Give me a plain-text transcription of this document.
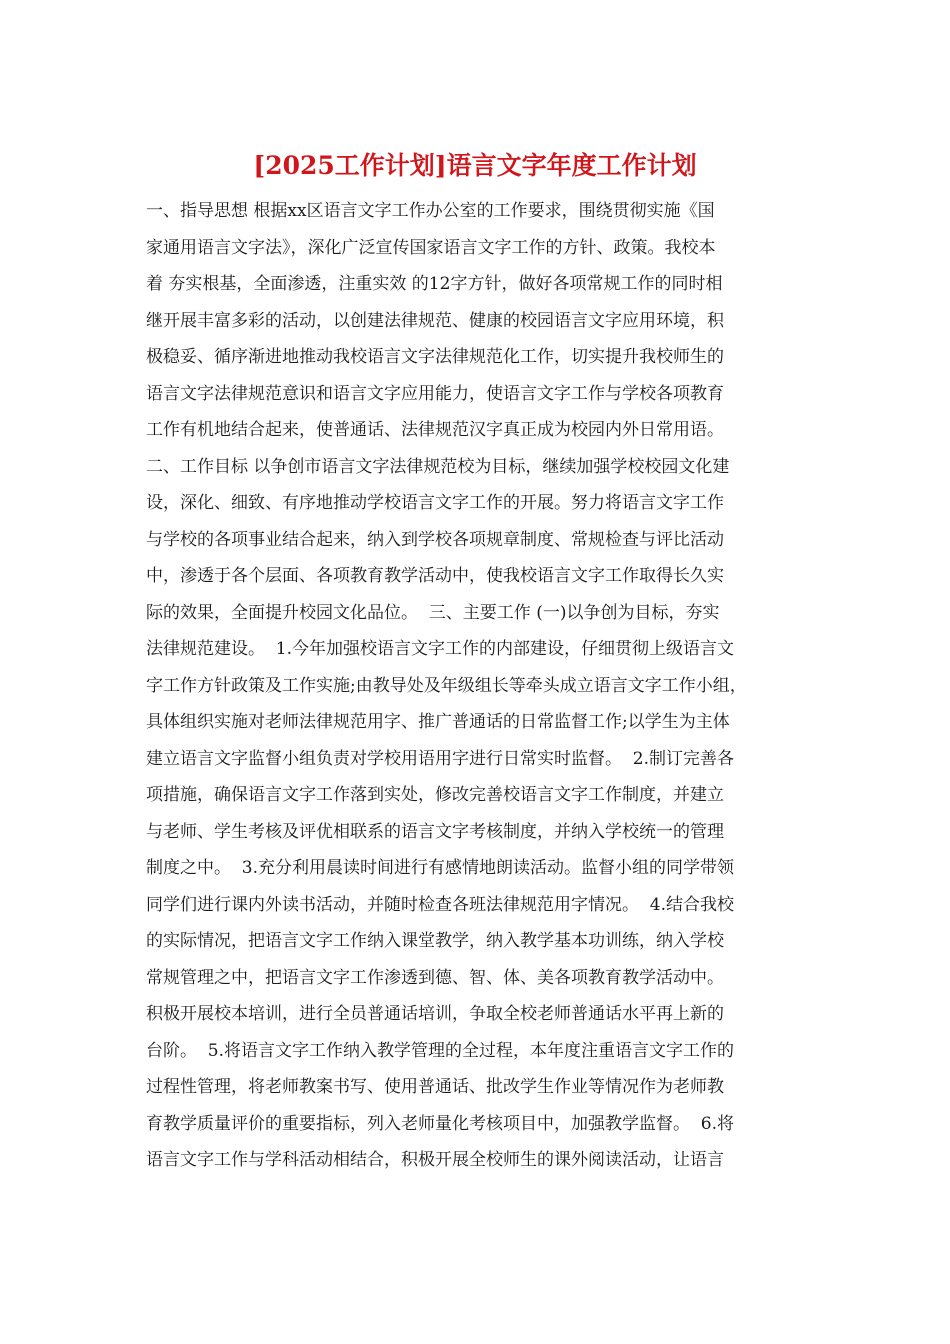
[2025工作计划]语言文字年度工作计划
一、指导思想 根据xx区语言文字工作办公室的工作要求，围绕贯彻实施《国
家通用语言文字法》，深化广泛宣传国家语言文字工作的方针、政策。我校本
着 夯实根基，全面渗透，注重实效 的12字方针，做好各项常规工作的同时相
继开展丰富多彩的活动，以创建法律规范、健康的校园语言文字应用环境，积
极稳妥、循序渐进地推动我校语言文字法律规范化工作，切实提升我校师生的
语言文字法律规范意识和语言文字应用能力，使语言文字工作与学校各项教育
工作有机地结合起来，使普通话、法律规范汉字真正成为校园内外日常用语。
二、工作目标 以争创市语言文字法律规范校为目标，继续加强学校校园文化建
设，深化、细致、有序地推动学校语言文字工作的开展。努力将语言文字工作
与学校的各项事业结合起来，纳入到学校各项规章制度、常规检查与评比活动
中，渗透于各个层面、各项教育教学活动中，使我校语言文字工作取得长久实
际的效果，全面提升校园文化品位。  三、主要工作 (一)以争创为目标，夯实
法律规范建设。  1.今年加强校语言文字工作的内部建设，仔细贯彻上级语言文
字工作方针政策及工作实施;由教导处及年级组长等牵头成立语言文字工作小组，
具体组织实施对老师法律规范用字、推广普通话的日常监督工作;以学生为主体
建立语言文字监督小组负责对学校用语用字进行日常实时监督。  2.制订完善各
项措施，确保语言文字工作落到实处，修改完善校语言文字工作制度，并建立
与老师、学生考核及评优相联系的语言文字考核制度，并纳入学校统一的管理
制度之中。  3.充分利用晨读时间进行有感情地朗读活动。监督小组的同学带领
同学们进行课内外读书活动，并随时检查各班法律规范用字情况。  4.结合我校
的实际情况，把语言文字工作纳入课堂教学，纳入教学基本功训练，纳入学校
常规管理之中，把语言文字工作渗透到德、智、体、美各项教育教学活动中。
积极开展校本培训，进行全员普通话培训，争取全校老师普通话水平再上新的
台阶。  5.将语言文字工作纳入教学管理的全过程，本年度注重语言文字工作的
过程性管理，将老师教案书写、使用普通话、批改学生作业等情况作为老师教
育教学质量评价的重要指标，列入老师量化考核项目中，加强教学监督。  6.将
语言文字工作与学科活动相结合，积极开展全校师生的课外阅读活动，让语言
